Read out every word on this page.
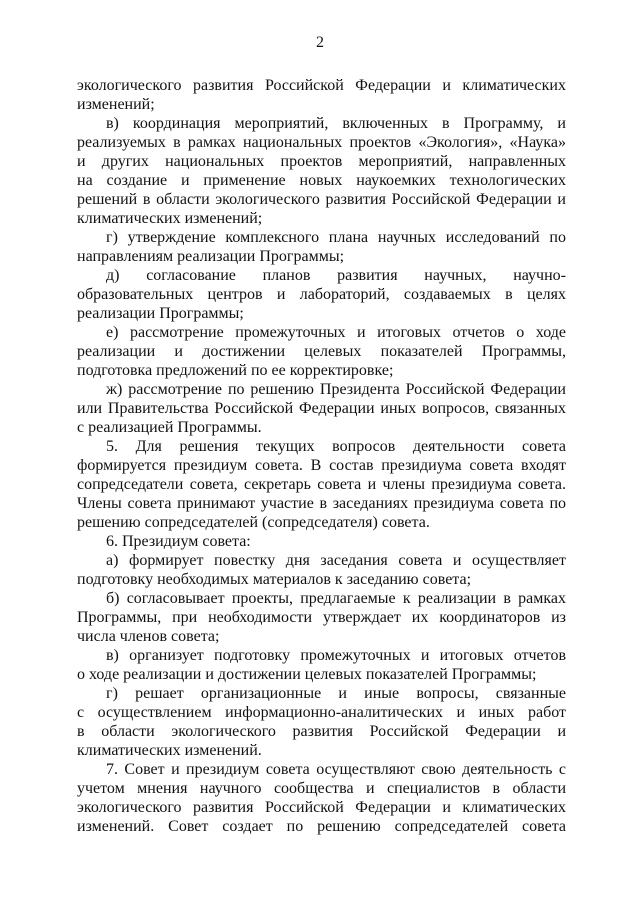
2
экологического развития Российской Федерации и климатических
изменений;
в) координация мероприятий, включенных в Программу, и
реализуемых в рамках национальных проектов «Экология», «Наука»
и других национальных проектов мероприятий, направленных
на создание и применение новых наукоемких технологических
решений в области экологического развития Российской Федерации и
климатических изменений;
г) утверждение комплексного плана научных исследований по
направлениям реализации Программы;
д) согласование планов развития научных, научно-
образовательных центров и лабораторий, создаваемых в целях
реализации Программы;
е) рассмотрение промежуточных и итоговых отчетов о ходе
реализации и достижении целевых показателей Программы,
подготовка предложений по ее корректировке;
ж) рассмотрение по решению Президента Российской Федерации
или Правительства Российской Федерации иных вопросов, связанных
с реализацией Программы.
5. Для решения текущих вопросов деятельности совета
формируется президиум совета. В состав президиума совета входят
сопредседатели совета, секретарь совета и члены президиума совета.
Члены совета принимают участие в заседаниях президиума совета по
решению сопредседателей (сопредседателя) совета.
6. Президиум совета:
а) формирует повестку дня заседания совета и осуществляет
подготовку необходимых материалов к заседанию совета;
б) согласовывает проекты, предлагаемые к реализации в рамках
Программы, при необходимости утверждает их координаторов из
числа членов совета;
в) организует подготовку промежуточных и итоговых отчетов
о ходе реализации и достижении целевых показателей Программы;
г) решает организационные и иные вопросы, связанные
с осуществлением информационно-аналитических и иных работ
в области экологического развития Российской Федерации и
климатических изменений.
7. Совет и президиум совета осуществляют свою деятельность с
учетом мнения научного сообщества и специалистов в области
экологического развития Российской Федерации и климатических
изменений. Совет создает по решению сопредседателей совета
